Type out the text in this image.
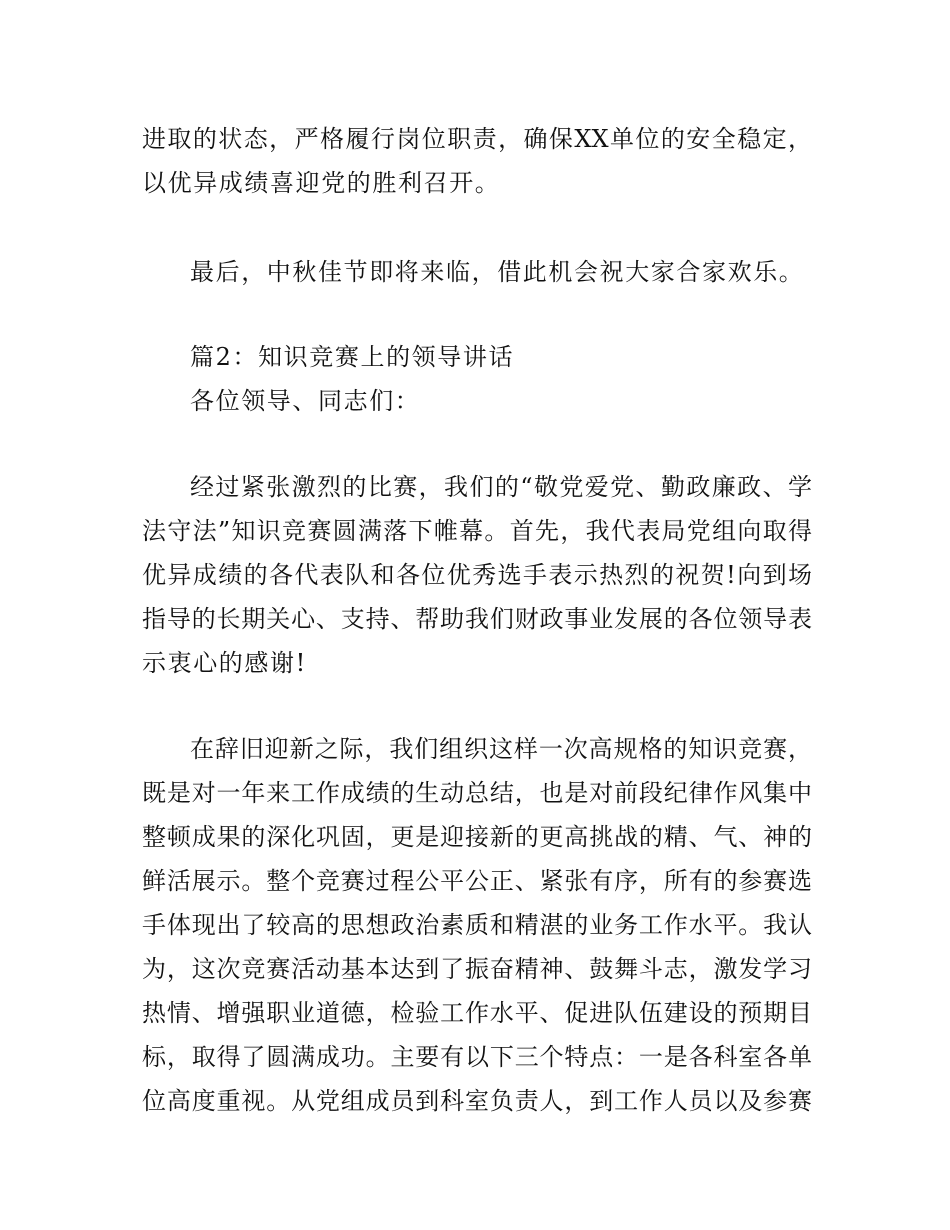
进取的状态，严格履行岗位职责，确保XX单位的安全稳定，
以优异成绩喜迎党的胜利召开。
最后，中秋佳节即将来临，借此机会祝大家合家欢乐。
篇2：知识竞赛上的领导讲话
各位领导、同志们：
经过紧张激烈的比赛，我们的“敬党爱党、勤政廉政、学
法守法”知识竞赛圆满落下帷幕。首先，我代表局党组向取得
优异成绩的各代表队和各位优秀选手表示热烈的祝贺!向到场
指导的长期关心、支持、帮助我们财政事业发展的各位领导表
示衷心的感谢!
在辞旧迎新之际，我们组织这样一次高规格的知识竞赛，
既是对一年来工作成绩的生动总结，也是对前段纪律作风集中
整顿成果的深化巩固，更是迎接新的更高挑战的精、气、神的
鲜活展示。整个竞赛过程公平公正、紧张有序，所有的参赛选
手体现出了较高的思想政治素质和精湛的业务工作水平。我认
为，这次竞赛活动基本达到了振奋精神、鼓舞斗志，激发学习
热情、增强职业道德，检验工作水平、促进队伍建设的预期目
标，取得了圆满成功。主要有以下三个特点：一是各科室各单
位高度重视。从党组成员到科室负责人，到工作人员以及参赛
